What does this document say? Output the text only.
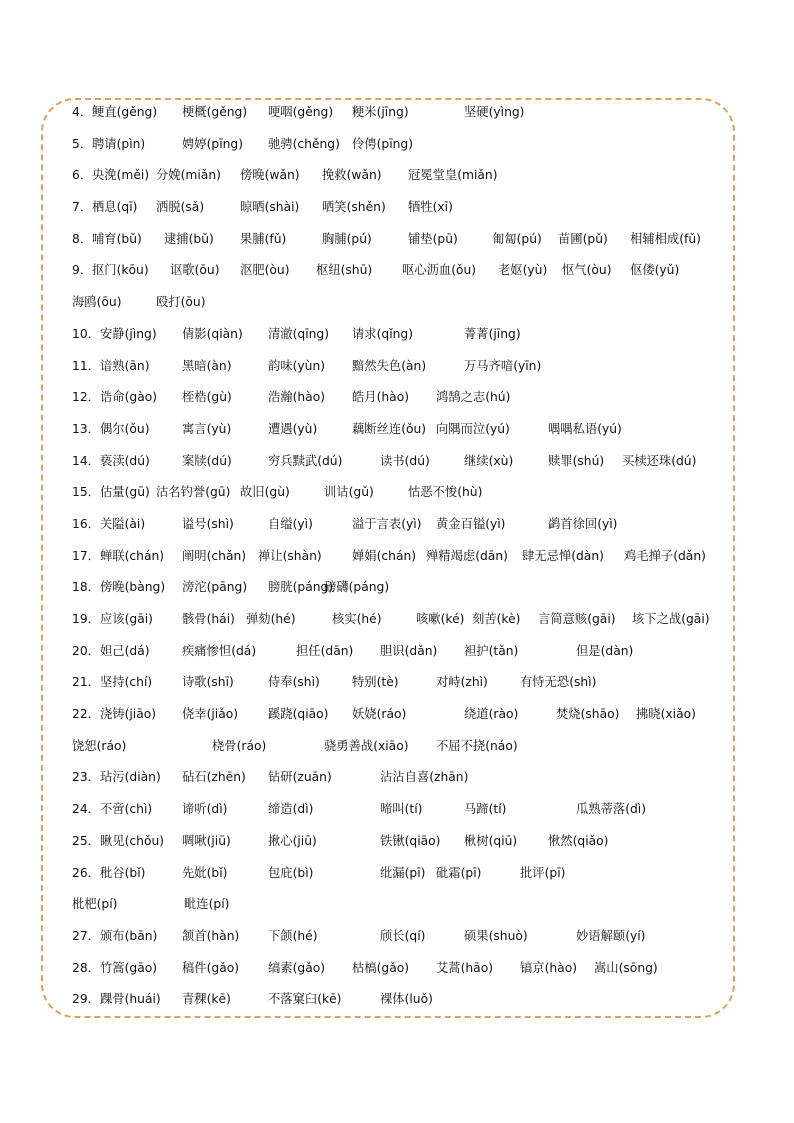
4． 鲠直(gěng) 梗概(gěng) 哽咽(gěng) 粳米(jīng)	坚硬(yìng)
5． 聘请(pìn)	娉婷(pīng) 驰骋(chěng) 伶俜(pīng)
6． 央浼(měi) 分娩(miǎn) 傍晚(wǎn) 挽救(wǎn) 冠冕堂皇(miǎn)
7． 栖息(qī) 洒脱(sǎ)	晾晒(shài) 哂笑(shěn) 牺牲(xī)
8． 哺育(bǔ) 逮捕(bǔ) 果脯(fǔ)	胸脯(pú)	铺垫(pū)	匍匐(pú) 苗圃(pǔ) 相辅相成(fǔ)
9． 抠门(kōu) 讴歌(ōu) 沤肥(òu) 枢纽(shū) 呕心沥血(ǒu) 老妪(yù) 怄气(òu) 伛偻(yǔ)
海鸥(ōu)	殴打(ōu)
10． 安静(jìng) 倩影(qiàn) 清澈(qīng) 请求(qǐng)	菁菁(jīng)
11． 谙熟(ān)	黑暗(àn)	韵味(yùn) 黯然失色(àn)	万马齐喑(yīn)
12． 诰命(gào) 桎梏(gù)	浩瀚(hào) 皓月(hào) 鸿鹄之志(hú)
13． 偶尔(ǒu)	寓言(yù)	遭遇(yù)	藕断丝连(ǒu) 向隅而泣(yú)	喁喁私语(yú)
14． 亵渎(dú)	案牍(dú)	穷兵黩武(dú)	读书(dú)	继续(xù)	赎罪(shú) 买椟还珠(dú)
15． 估量(gū) 沽名钓誉(gū) 故旧(gù)	训诂(gǔ)	怙恶不悛(hù)
16． 关隘(ài)	谥号(shì)	自缢(yì)	溢于言表(yì) 黄金百镒(yì)	鹢首徐回(yì)
17． 蝉联(chán) 阐明(chǎn) 禅让(shàn) 婵娟(chán) 殚精竭虑(dān) 肆无忌惮(dàn) 鸡毛掸子(dǎn)
18． 傍晚(bàng) 滂沱(pāng) 膀胱(páng)
磅礴(páng)
19． 应该(gāi) 骸骨(hái) 弹劾(hé)	核实(hé)	咳嗽(ké) 刻苦(kè) 言简意赅(gāi) 垓下之战(gāi)
20． 妲己(dá)	疾痛惨怛(dá)	担任(dān) 胆识(dǎn) 袒护(tǎn)	但是(dàn)
21． 坚持(chí) 诗歌(shī)	侍奉(shì)	特别(tè)	对峙(zhì)	有恃无恐(shì)
22． 浇铸(jiāo) 侥幸(jiǎo) 蹊跷(qiāo) 妖娆(ráo)	绕道(rào)	焚烧(shāo) 拂晓(xiǎo)
饶恕(ráo)	桡骨(ráo)	骁勇善战(xiāo) 不屈不挠(náo)
23． 玷污(diàn) 砧石(zhēn) 钻研(zuān)	沾沾自喜(zhān)
24． 不啻(chì) 谛听(dì)	缔造(dì)	啼叫(tí)	马蹄(tí)	瓜熟蒂落(dì)
25． 瞅见(chǒu) 啁啾(jiū)	揪心(jiū)	铁锹(qiāo) 楸树(qiū)	愀然(qiǎo)
26． 秕谷(bǐ)	先妣(bǐ)	包庇(bì)	纰漏(pī) 砒霜(pī)	批评(pī)
枇杷(pí)	毗连(pí)
27． 颁布(bān) 颔首(hàn) 下颌(hé)	颀长(qí)	硕果(shuò)	妙语解颐(yí)
28． 竹篙(gāo) 稿件(gǎo) 缟素(gǎo) 枯槁(gǎo) 艾蒿(hāo) 镐京(hào) 嵩山(sōng)
29． 踝骨(huái) 青稞(kē)	不落窠臼(kē)	裸体(luǒ)
